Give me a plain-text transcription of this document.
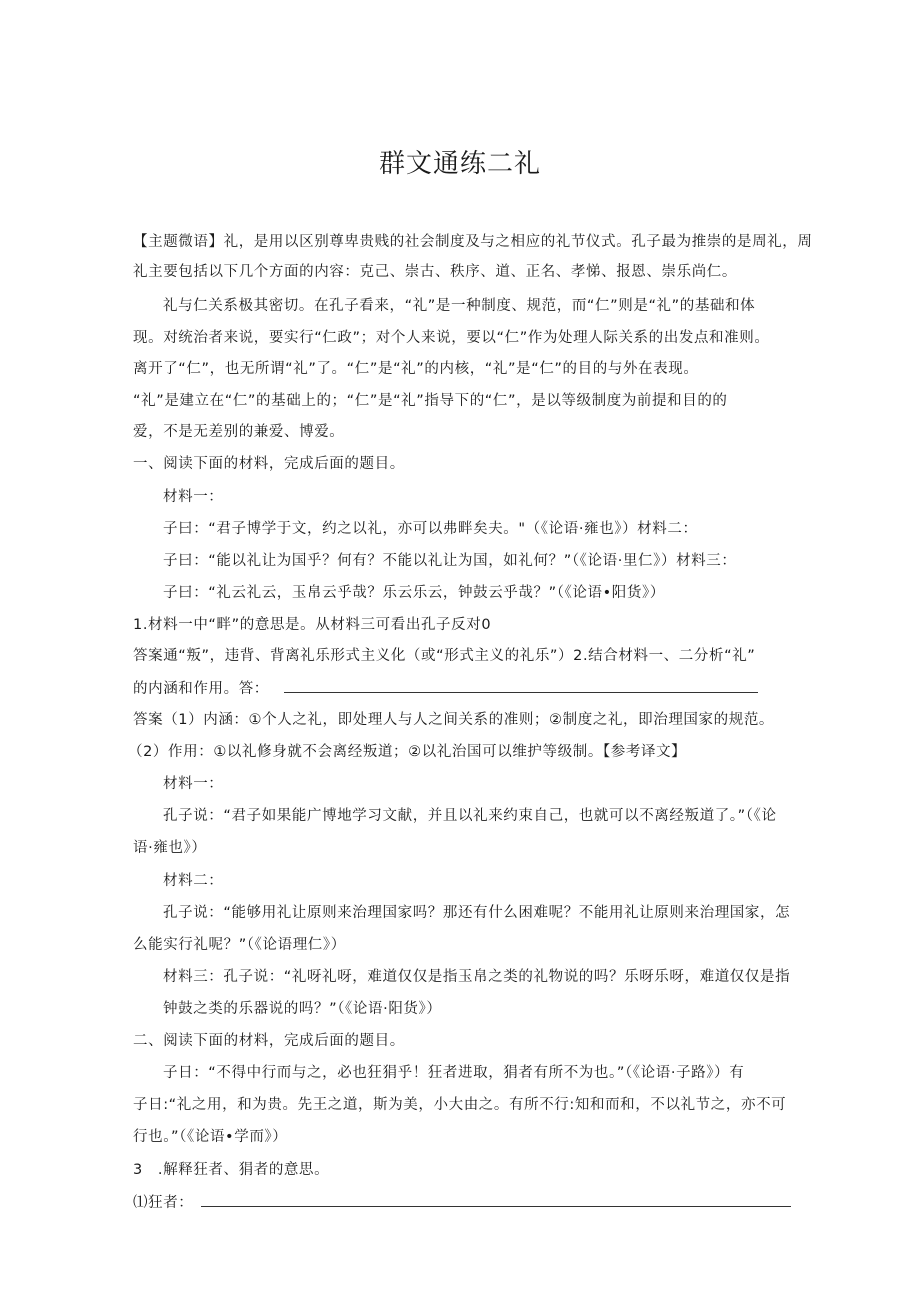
群文通练二礼
【主题微语】礼，是用以区别尊卑贵贱的社会制度及与之相应的礼节仪式。孔子最为推崇的是周礼，周
礼主要包括以下几个方面的内容：克己、崇古、秩序、道、正名、孝悌、报恩、崇乐尚仁。
礼与仁关系极其密切。在孔子看来，“礼”是一种制度、规范，而“仁”则是“礼”的基础和体
现。对统治者来说，要实行“仁政”；对个人来说，要以“仁”作为处理人际关系的出发点和准则。
离开了“仁”，也无所谓“礼”了。“仁”是“礼”的内核，“礼”是“仁”的目的与外在表现。
“礼”是建立在“仁”的基础上的；“仁”是“礼”指导下的“仁”，是以等级制度为前提和目的的
爱，不是无差别的兼爱、博爱。
一、阅读下面的材料，完成后面的题目。
材料一：
子曰：“君子博学于文，约之以礼，亦可以弗畔矣夫。"（《论语·雍也》）材料二：
子曰：“能以礼让为国乎？何有？不能以礼让为国，如礼何？”（《论语·里仁》）材料三：
子曰：“礼云礼云，玉帛云乎哉？乐云乐云，钟鼓云乎哉？”（《论语•阳货》）
1.材料一中“畔”的意思是。从材料三可看出孔子反对0
答案通“叛”，违背、背离礼乐形式主义化（或“形式主义的礼乐”）2.结合材料一、二分析“礼”
的内涵和作用。答：
答案（1）内涵：①个人之礼，即处理人与人之间关系的准则；②制度之礼，即治理国家的规范。
（2）作用：①以礼修身就不会离经叛道；②以礼治国可以维护等级制。【参考译文】
材料一：
孔子说：“君子如果能广博地学习文献，并且以礼来约束自己，也就可以不离经叛道了。”（《论
语·雍也》）
材料二：
孔子说：“能够用礼让原则来治理国家吗？那还有什么困难呢？不能用礼让原则来治理国家，怎
么能实行礼呢？”（《论语理仁》）
材料三：孔子说：“礼呀礼呀，难道仅仅是指玉帛之类的礼物说的吗？乐呀乐呀，难道仅仅是指
钟鼓之类的乐器说的吗？”（《论语·阳货》）
二、阅读下面的材料，完成后面的题目。
子日：“不得中行而与之，必也狂狷乎！狂者进取，狷者有所不为也。”（《论语·子路》）有
子日:“礼之用，和为贵。先王之道，斯为美，小大由之。有所不行:知和而和，不以礼节之，亦不可
行也。”（《论语•学而》）
3　.解释狂者、狷者的意思。
⑴狂者：
